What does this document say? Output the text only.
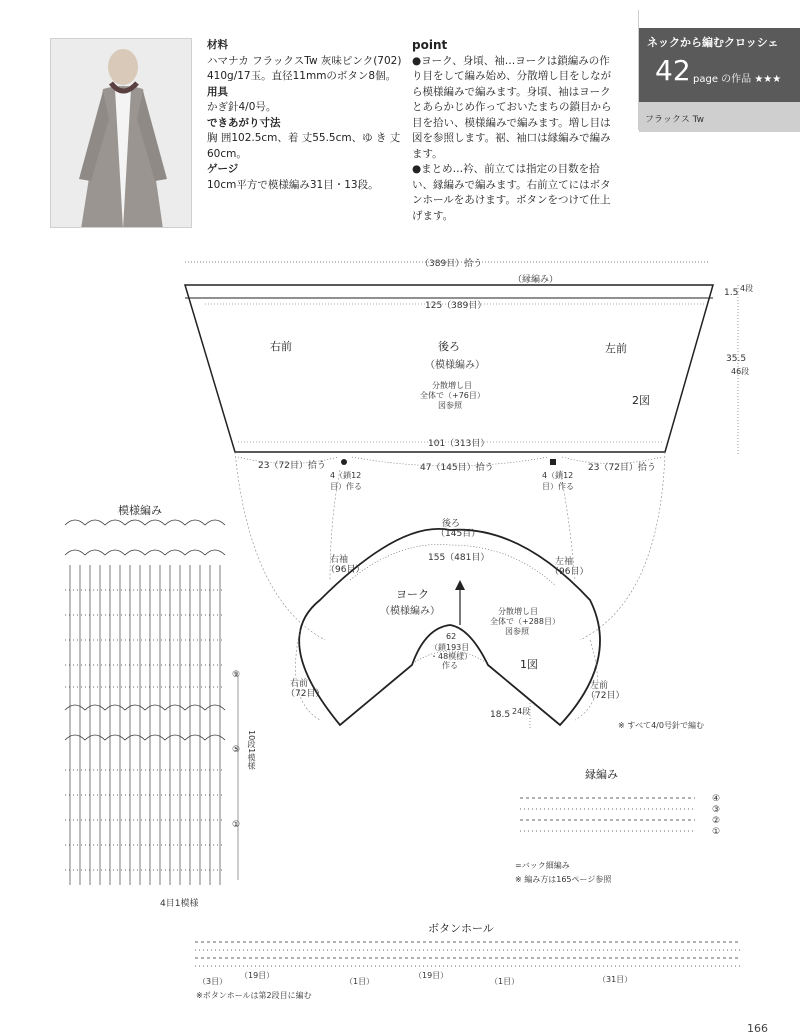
材料
ハマナカ フラックスTw 灰味ピンク(702) 410g/17玉。直径11mmのボタン8個。
用具
かぎ針4/0号。
できあがり寸法
胸 囲102.5cm、着 丈55.5cm、ゆ き 丈60cm。
ゲージ
10cm平方で模様編み31目・13段。
point
●ヨーク、身頃、袖…ヨークは鎖編みの作り目をして編み始め、分散増し目をしながら模様編みで編みます。身頃、袖はヨークとあらかじめ作っておいたまちの鎖目から目を拾い、模様編みで編みます。増し目は図を参照します。裾、袖口は縁編みで編みます。
●まとめ…衿、前立ては指定の目数を拾い、縁編みで編みます。右前立てにはボタンホールをあけます。ボタンをつけて仕上げます。
ネックから編むクロッシェ
42 page の作品 ★★★
フラックス Tw
（389目）拾う
（縁編み）
1.5 4段
125（389目）
右前	後ろ
（模様編み）
左前
分散増し目
全体で（+76目）
図参照	2図
35.5
46段
101（313目）
23（72目）拾う	47（145目）拾う	23（72目）拾う
4（鎖12目）作る
4（鎖12目）作る
後ろ
（145目）
155（481目）
右袖
（96目）
左袖
（96目）
ヨーク
（模様編み）	分散増し目
全体で（+288目）
図参照
62
（鎖193目
・48模様）
作る	1図
右前
（72目）
左前
（72目）
18.5 24段
※ すべて4/0号針で編む
模様編み
⑨
⑤
①
10段1模様
4目1模様
縁編み
④
③
②
①
=バック細編み
※ 編み方は165ページ参照
ボタンホール
（3目）
（19目）
（1目）
（19目）
（1目）	（31目）
※ボタンホールは第2段目に編む
166
